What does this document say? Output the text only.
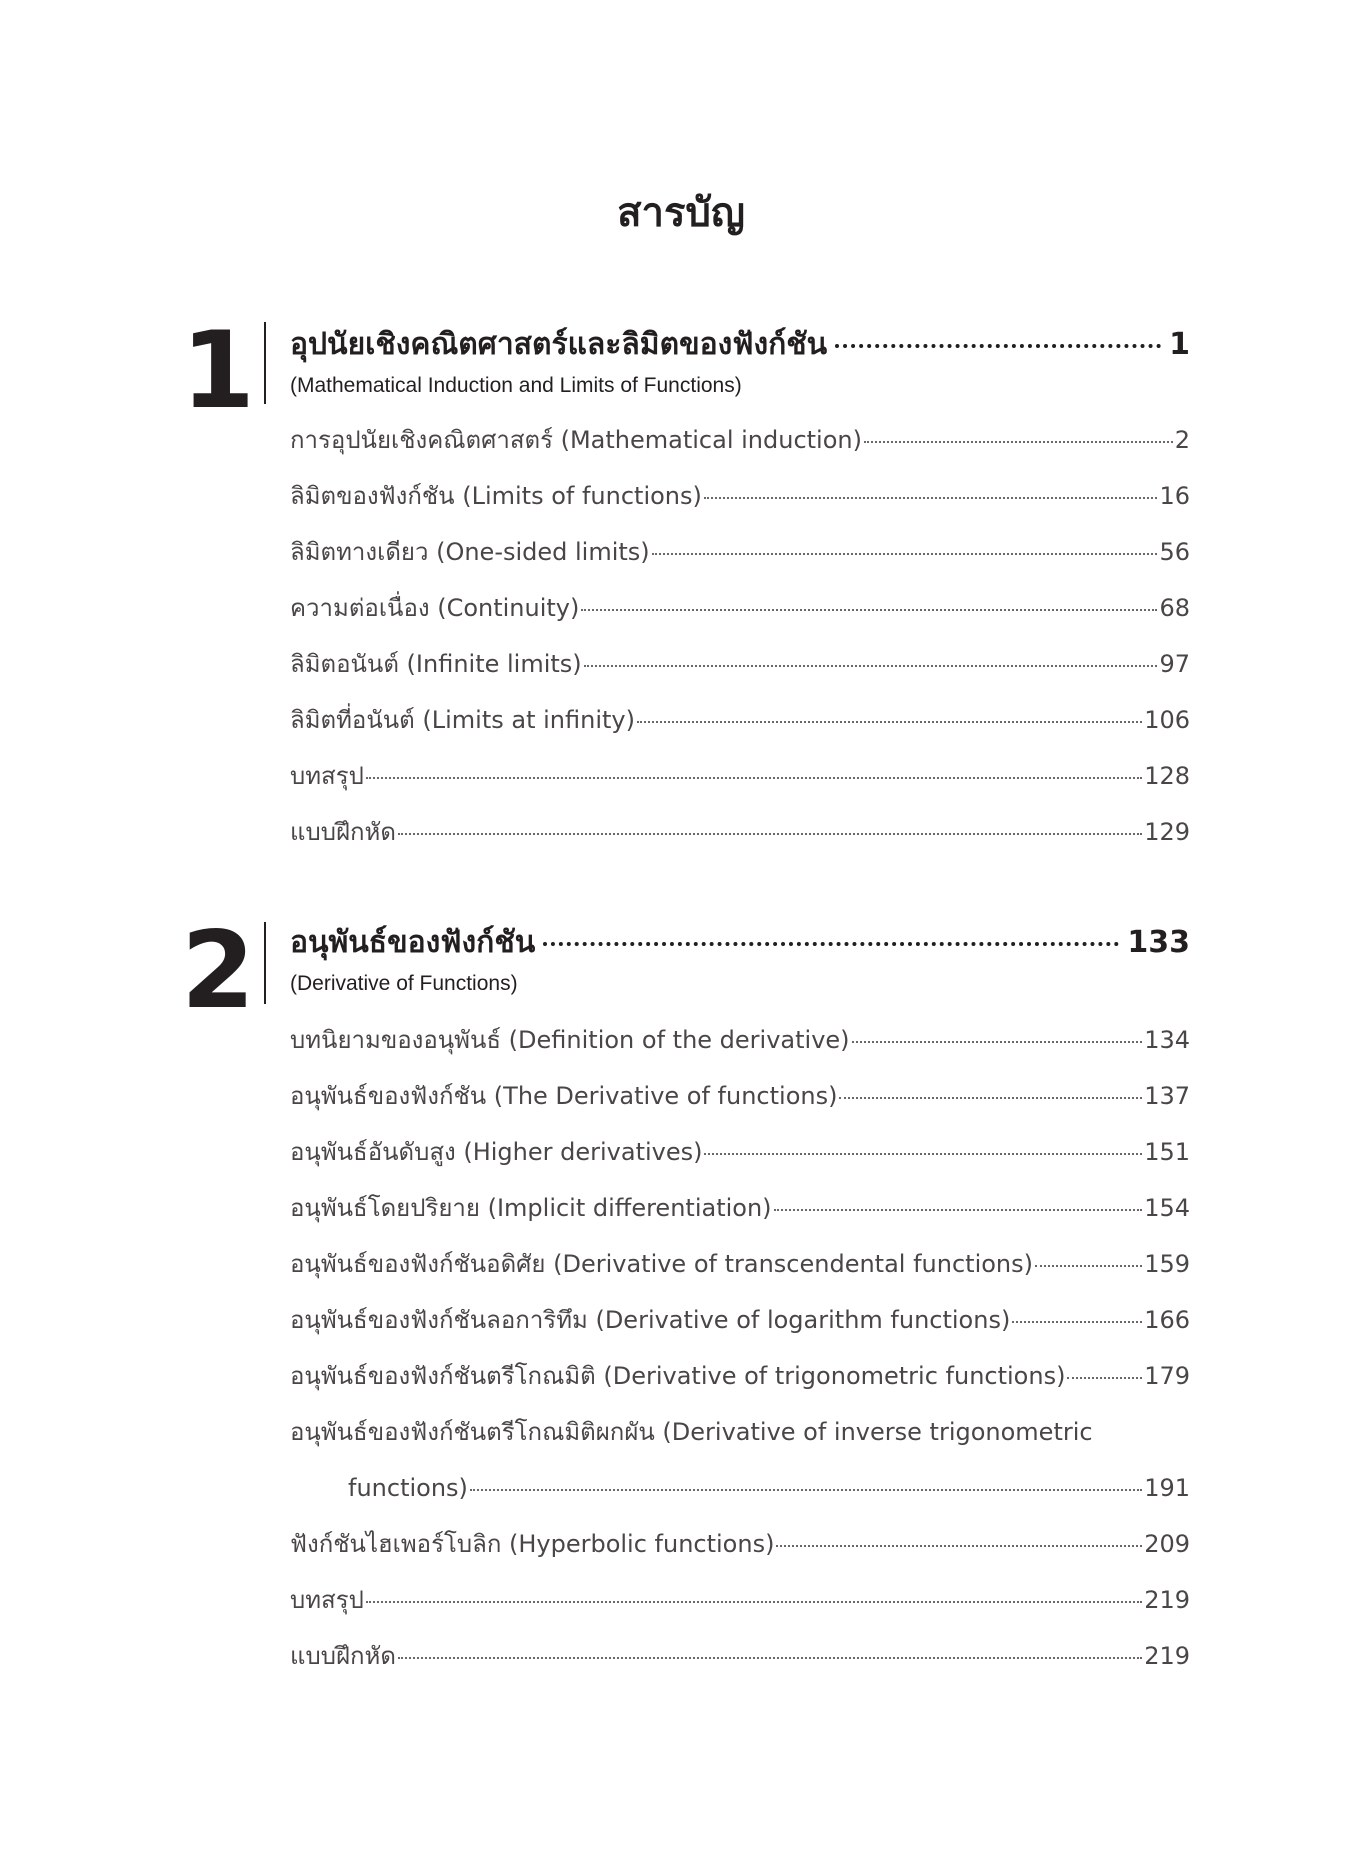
สารบัญ
1 อุปนัยเชิงคณิตศาสตร์และลิมิตของฟังก์ชัน	1
(Mathematical Induction and Limits of Functions)
การอุปนัยเชิงคณิตศาสตร์ (Mathematical induction)	2
ลิมิตของฟังก์ชัน (Limits of functions)	16
ลิมิตทางเดียว (One-sided limits)	56
ความต่อเนื่อง (Continuity)	68
ลิมิตอนันต์ (Infinite limits)	97
ลิมิตที่อนันต์ (Limits at infinity)	106
บทสรุป	128
แบบฝึกหัด	129
2 อนุพันธ์ของฟังก์ชัน	133
(Derivative of Functions)
บทนิยามของอนุพันธ์ (Definition of the derivative)	134
อนุพันธ์ของฟังก์ชัน (The Derivative of functions)	137
อนุพันธ์อันดับสูง (Higher derivatives)	151
อนุพันธ์โดยปริยาย (Implicit differentiation)	154
อนุพันธ์ของฟังก์ชันอดิศัย (Derivative of transcendental functions)	159
อนุพันธ์ของฟังก์ชันลอการิทึม (Derivative of logarithm functions)	166
อนุพันธ์ของฟังก์ชันตรีโกณมิติ (Derivative of trigonometric functions)	179
อนุพันธ์ของฟังก์ชันตรีโกณมิติผกผัน (Derivative of inverse trigonometric
functions)	191
ฟังก์ชันไฮเพอร์โบลิก (Hyperbolic functions)	209
บทสรุป	219
แบบฝึกหัด	219
